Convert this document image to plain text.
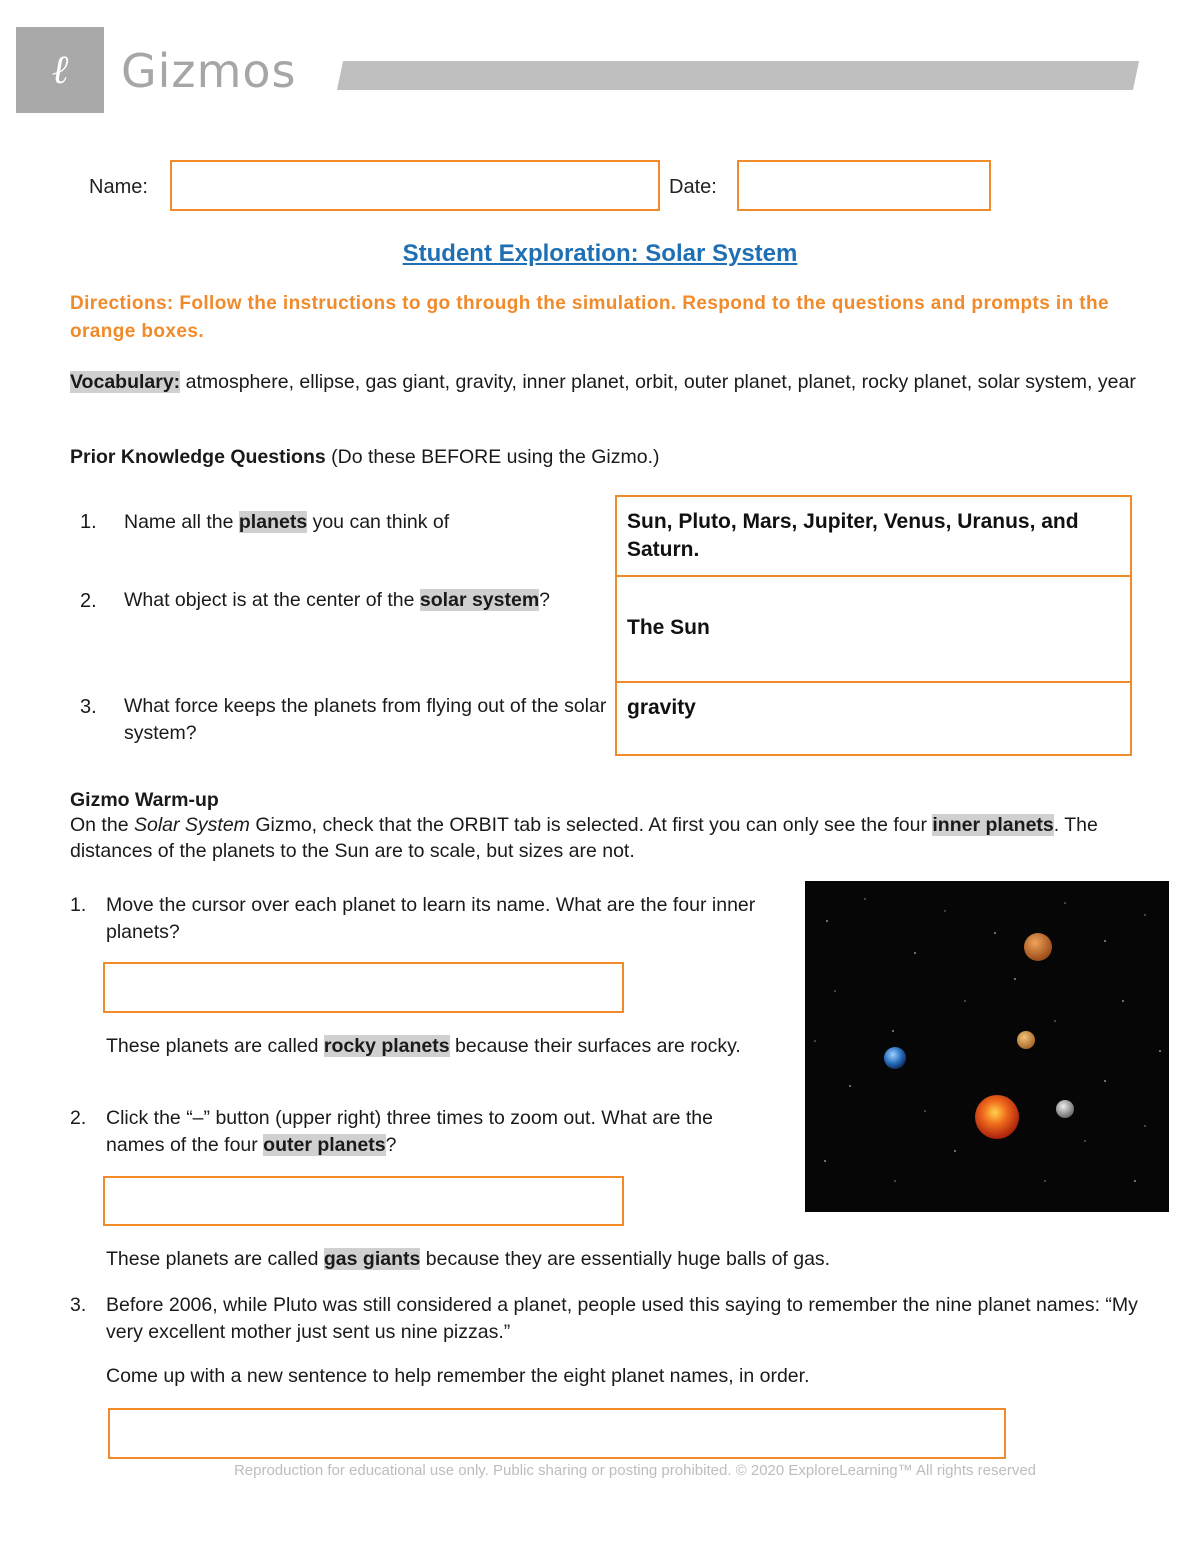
ℓ	Gizmos
Name:	Date:
Student Exploration: Solar System
Directions: Follow the instructions to go through the simulation. Respond to the questions and prompts in the orange boxes.
Vocabulary: atmosphere, ellipse, gas giant, gravity, inner planet, orbit, outer planet, planet, rocky planet, solar system, year
Prior Knowledge Questions (Do these BEFORE using the Gizmo.)
1. Name all the planets you can think of
2. What object is at the center of the solar system?
3. What force keeps the planets from flying out of the solar system?
Sun, Pluto, Mars, Jupiter, Venus, Uranus, and Saturn.
The Sun
gravity
Gizmo Warm-up
On the Solar System Gizmo, check that the ORBIT tab is selected. At first you can only see the four inner planets. The distances of the planets to the Sun are to scale, but sizes are not.
1. Move the cursor over each planet to learn its name. What are the four inner planets?
These planets are called rocky planets because their surfaces are rocky.
2. Click the “–” button (upper right) three times to zoom out. What are the names of the four outer planets?
These planets are called gas giants because they are essentially huge balls of gas.
3. Before 2006, while Pluto was still considered a planet, people used this saying to remember the nine planet names: “My very excellent mother just sent us nine pizzas.”
Come up with a new sentence to help remember the eight planet names, in order.
Reproduction for educational use only. Public sharing or posting prohibited. © 2020 ExploreLearning™ All rights reserved
